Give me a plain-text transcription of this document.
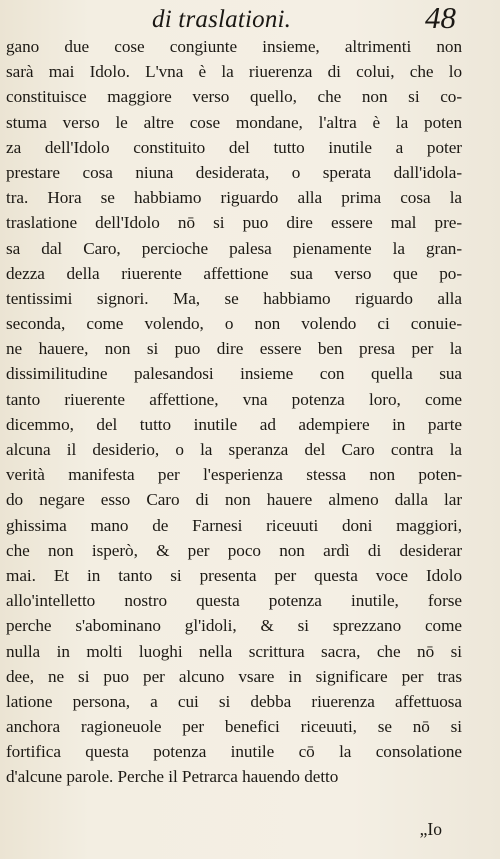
di traslationi.	48
gano due cose congiunte insieme, altrimenti non
sarà mai Idolo. L'vna è la riuerenza di colui, che lo
constituisce maggiore verso quello, che non si co-
stuma verso le altre cose mondane, l'altra è la poten
za dell'Idolo constituito del tutto inutile a poter
prestare cosa niuna desiderata, o sperata dall'idola-
tra. Hora se habbiamo riguardo alla prima cosa la
traslatione dell'Idolo nō si puo dire essere mal pre-
sa dal Caro, percioche palesa pienamente la gran-
dezza della riuerente affettione sua verso que po-
tentissimi signori. Ma, se habbiamo riguardo alla
seconda, come volendo, o non volendo ci conuie-
ne hauere, non si puo dire essere ben presa per la
dissimilitudine palesandosi insieme con quella sua
tanto riuerente affettione, vna potenza loro, come
dicemmo, del tutto inutile ad adempiere in parte
alcuna il desiderio, o la speranza del Caro contra la
verità manifesta per l'esperienza stessa non poten-
do negare esso Caro di non hauere almeno dalla lar
ghissima mano de Farnesi riceuuti doni maggiori,
che non isperò, & per poco non ardì di desiderar
mai. Et in tanto si presenta per questa voce Idolo
allo'intelletto nostro questa potenza inutile, forse
perche s'abominano gl'idoli, & si sprezzano come
nulla in molti luoghi nella scrittura sacra, che nō si
dee, ne si puo per alcuno vsare in significare per tras
latione persona, a cui si debba riuerenza affettuosa
anchora ragioneuole per benefici riceuuti, se nō si
fortifica questa potenza inutile cō la consolatione
d'alcune parole. Perche il Petrarca hauendo detto
„Io
